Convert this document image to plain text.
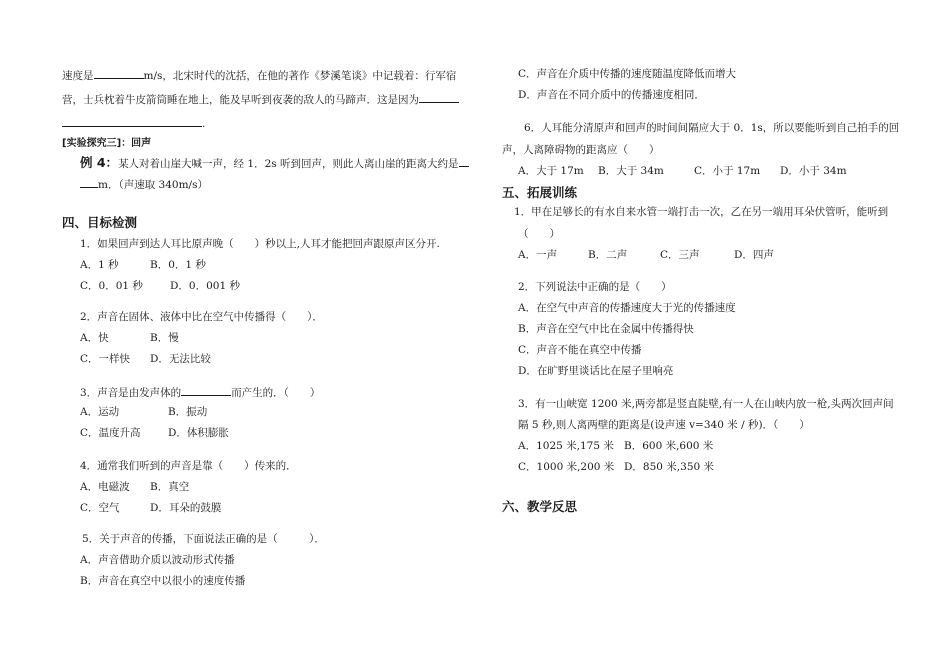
速度是	m/s，北宋时代的沈括，在他的著作《梦溪笔谈》中记载着：行军宿
营，士兵枕着牛皮箭筒睡在地上，能及早听到夜袭的敌人的马蹄声．这是因为
.
[实验探究三]：回声
例 4：某人对着山崖大喊一声，经 1．2s 听到回声，则此人离山崖的距离大约是
m．（声速取 340m/s）
四、目标检测
1．如果回声到达人耳比原声晚（　　）秒以上,人耳才能把回声跟原声区分开.
A．1 秒	B．0．1 秒
C．0．01 秒	D．0．001 秒
2．声音在固体、液体中比在空气中传播得（　　）．
A．快	B．慢
C．一样快 D．无法比较
3．声音是由发声体的	而产生的．（　　）
A．运动	B．振动
C．温度升高	D．体积膨胀
4．通常我们听到的声音是靠（　　）传来的．
A．电磁波 B．真空
C．空气	D．耳朵的鼓膜
5．关于声音的传播，下面说法正确的是（　　　）．
A．声音借助介质以波动形式传播
B．声音在真空中以很小的速度传播
C．声音在介质中传播的速度随温度降低而增大
D．声音在不同介质中的传播速度相同．
6．人耳能分清原声和回声的时间间隔应大于 0．1s，所以要能听到自己拍手的回
声，人离障碍物的距离应（　　）
A．大于 17m B．大于 34m	C．小于 17m D．小于 34m
五、拓展训练
1．甲在足够长的有水自来水管一端打击一次，乙在另一端用耳朵伏管听，能听到
（　　）
A．一声	B．二声	C．三声	D．四声
2．下列说法中正确的是（　　）
A．在空气中声音的传播速度大于光的传播速度
B．声音在空气中比在金属中传播得快
C．声音不能在真空中传播
D．在旷野里谈话比在屋子里响亮
3．有一山峡宽 1200 米,两旁都是竖直陡壁,有一人在山峡内放一枪,头两次回声间
隔 5 秒,则人离两壁的距离是(设声速 v=340 米 / 秒)．（　　）
A．1025 米,175 米 B．600 米,600 米
C．1000 米,200 米 D．850 米,350 米
六、教学反思
